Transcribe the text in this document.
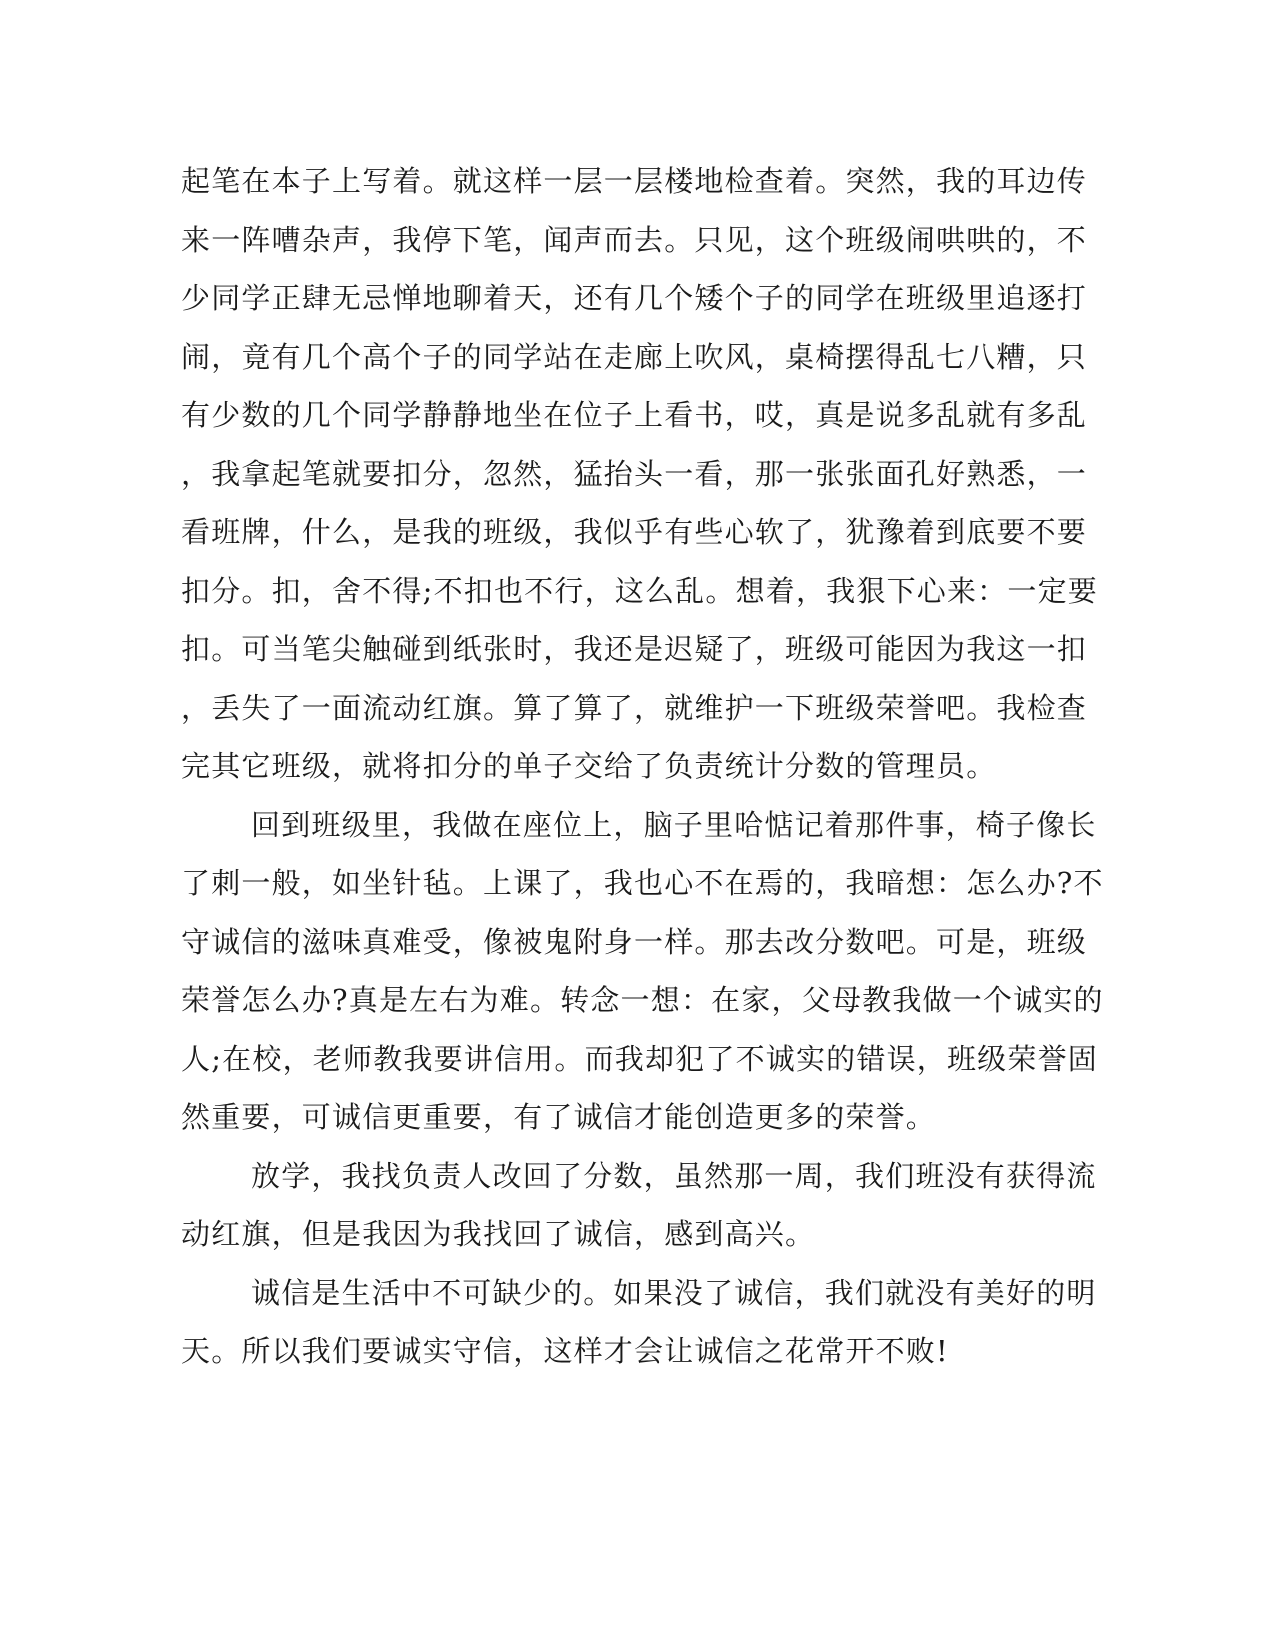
起笔在本子上写着。就这样一层一层楼地检查着。突然，我的耳边传
来一阵嘈杂声，我停下笔，闻声而去。只见，这个班级闹哄哄的，不
少同学正肆无忌惮地聊着天，还有几个矮个子的同学在班级里追逐打
闹，竟有几个高个子的同学站在走廊上吹风，桌椅摆得乱七八糟，只
有少数的几个同学静静地坐在位子上看书，哎，真是说多乱就有多乱
，我拿起笔就要扣分，忽然，猛抬头一看，那一张张面孔好熟悉，一
看班牌，什么，是我的班级，我似乎有些心软了，犹豫着到底要不要
扣分。扣，舍不得;不扣也不行，这么乱。想着，我狠下心来：一定要
扣。可当笔尖触碰到纸张时，我还是迟疑了，班级可能因为我这一扣
，丢失了一面流动红旗。算了算了，就维护一下班级荣誉吧。我检查
完其它班级，就将扣分的单子交给了负责统计分数的管理员。
回到班级里，我做在座位上，脑子里哈惦记着那件事，椅子像长
了刺一般，如坐针毡。上课了，我也心不在焉的，我暗想：怎么办?不
守诚信的滋味真难受，像被鬼附身一样。那去改分数吧。可是，班级
荣誉怎么办?真是左右为难。转念一想：在家，父母教我做一个诚实的
人;在校，老师教我要讲信用。而我却犯了不诚实的错误，班级荣誉固
然重要，可诚信更重要，有了诚信才能创造更多的荣誉。
放学，我找负责人改回了分数，虽然那一周，我们班没有获得流
动红旗，但是我因为我找回了诚信，感到高兴。
诚信是生活中不可缺少的。如果没了诚信，我们就没有美好的明
天。所以我们要诚实守信，这样才会让诚信之花常开不败!
